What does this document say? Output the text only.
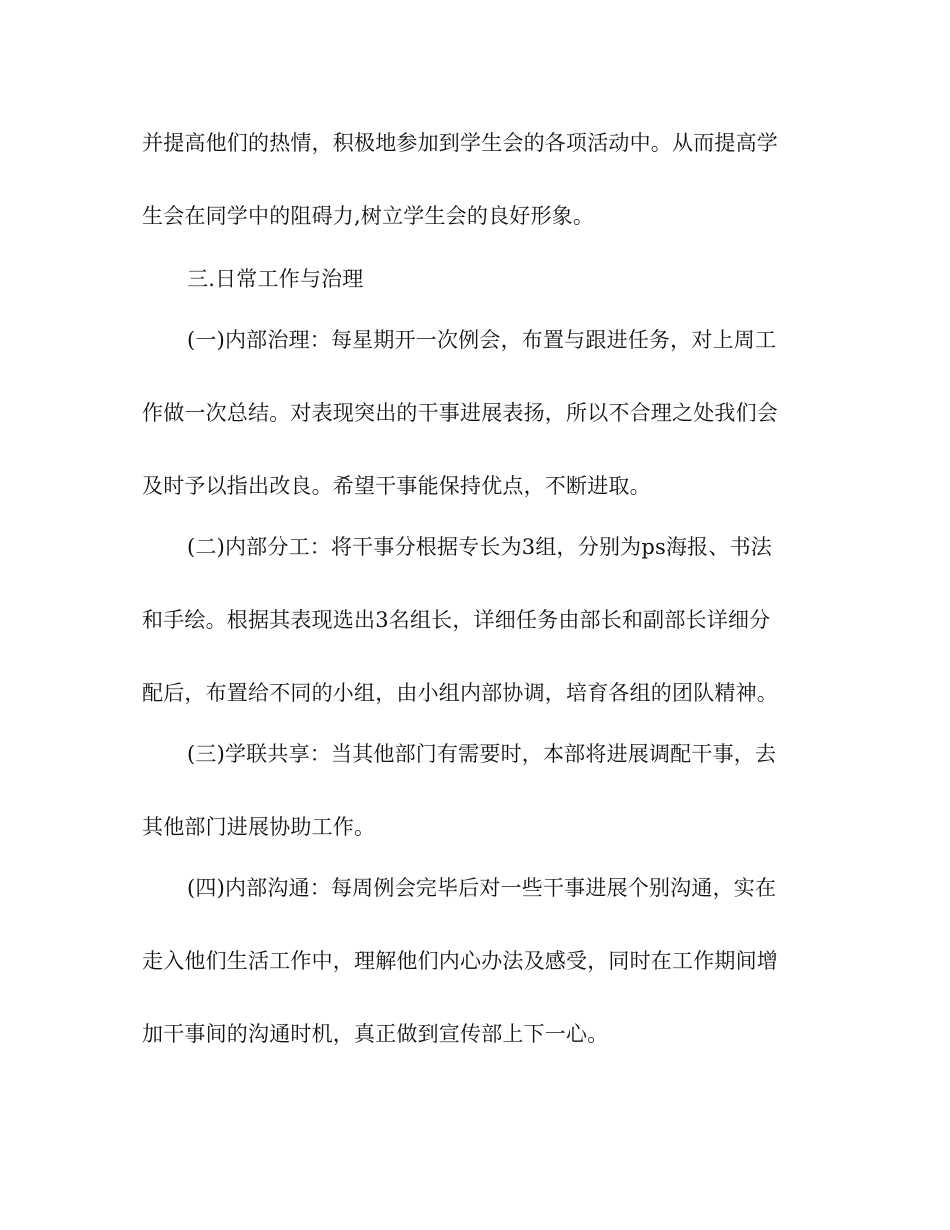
并提高他们的热情，积极地参加到学生会的各项活动中。从而提高学
生会在同学中的阻碍力,树立学生会的良好形象。
三.日常工作与治理
(一)内部治理：每星期开一次例会，布置与跟进任务，对上周工
作做一次总结。对表现突出的干事进展表扬，所以不合理之处我们会
及时予以指出改良。希望干事能保持优点，不断进取。
(二)内部分工：将干事分根据专长为3组，分别为ps海报、书法
和手绘。根据其表现选出3名组长，详细任务由部长和副部长详细分
配后，布置给不同的小组，由小组内部协调，培育各组的团队精神。
(三)学联共享：当其他部门有需要时，本部将进展调配干事，去
其他部门进展协助工作。
(四)内部沟通：每周例会完毕后对一些干事进展个别沟通，实在
走入他们生活工作中，理解他们内心办法及感受，同时在工作期间增
加干事间的沟通时机，真正做到宣传部上下一心。
